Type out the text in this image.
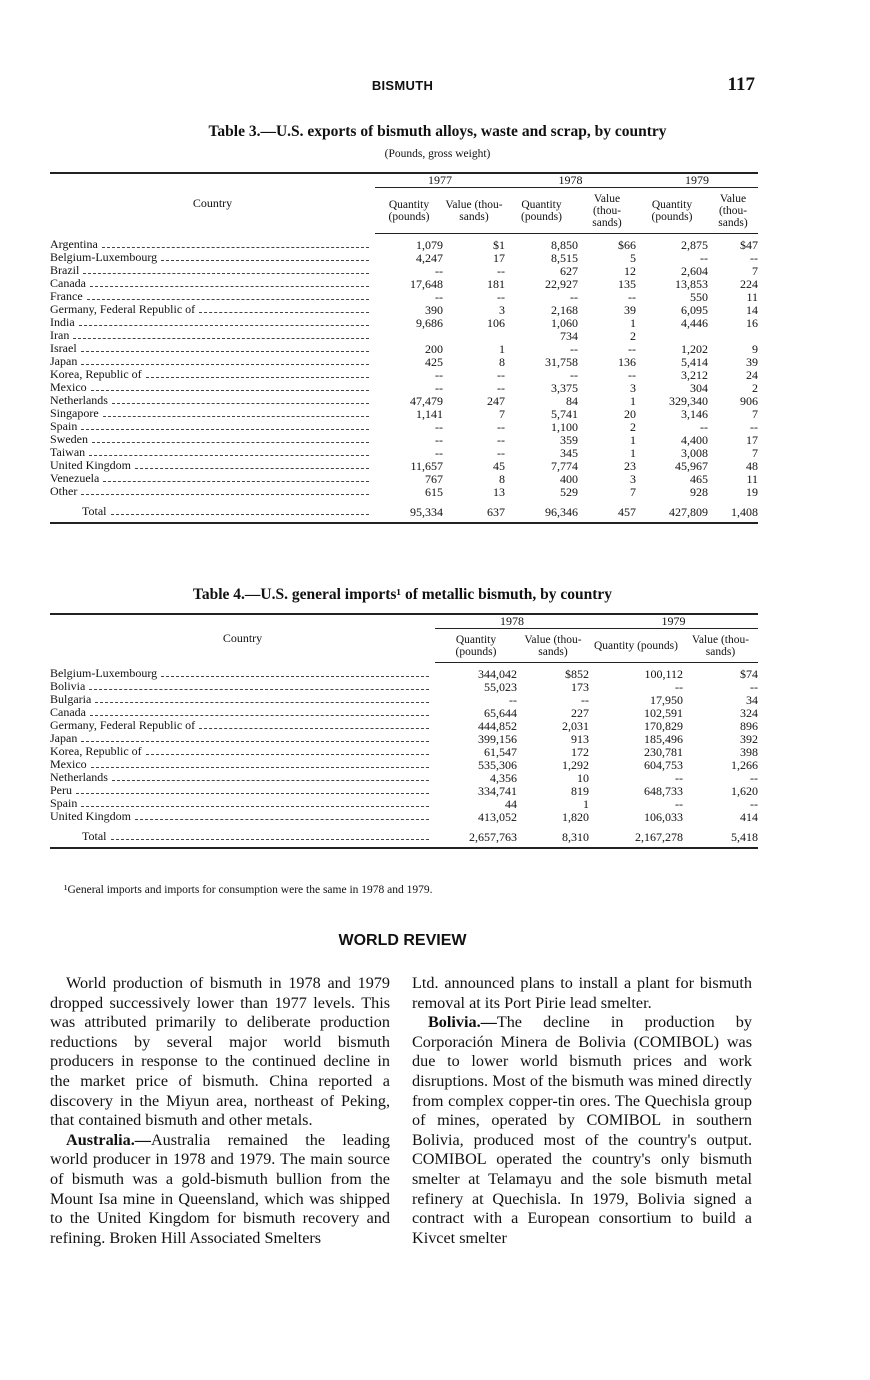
BISMUTH	117
Table 3.—U.S. exports of bismuth alloys, waste and scrap, by country
(Pounds, gross weight)
Country	1977		1978		1979	

	Quantity (pounds)	Value (thou- sands)	Quantity (pounds)	Value (thou- sands)	Quantity (pounds)	Value (thou- sands)

Argentina	1,079	$1	8,850	$66	2,875	$47

Belgium-Luxembourg	4,247	17	8,515	5	--	--

Brazil	--	--	627	12	2,604	7

Canada	17,648	181	22,927	135	13,853	224

France	--	--	--	--	550	11

Germany, Federal Republic of	390	3	2,168	39	6,095	14

India	9,686	106	1,060	1	4,446	16

Iran			734	2		

Israel	200	1	--	--	1,202	9

Japan	425	8	31,758	136	5,414	39

Korea, Republic of	--	--	--	--	3,212	24

Mexico	--	--	3,375	3	304	2

Netherlands	47,479	247	84	1	329,340	906

Singapore	1,141	7	5,741	20	3,146	7

Spain	--	--	1,100	2	--	--

Sweden	--	--	359	1	4,400	17

Taiwan	--	--	345	1	3,008	7

United Kingdom	11,657	45	7,774	23	45,967	48

Venezuela	767	8	400	3	465	11

Other	615	13	529	7	928	19

Total	95,334	637	96,346	457	427,809	1,408
Table 4.—U.S. general imports¹ of metallic bismuth, by country
Country	1978		1979	

	Quantity (pounds)	Value (thou- sands)	Quantity (pounds)	Value (thou- sands)

Belgium-Luxembourg	344,042	$852	100,112	$74

Bolivia	55,023	173	--	--

Bulgaria	--	--	17,950	34

Canada	65,644	227	102,591	324

Germany, Federal Republic of	444,852	2,031	170,829	896

Japan	399,156	913	185,496	392

Korea, Republic of	61,547	172	230,781	398

Mexico	535,306	1,292	604,753	1,266

Netherlands	4,356	10	--	--

Peru	334,741	819	648,733	1,620

Spain	44	1	--	--

United Kingdom	413,052	1,820	106,033	414

Total	2,657,763	8,310	2,167,278	5,418
¹General imports and imports for consumption were the same in 1978 and 1979.
WORLD REVIEW

World production of bismuth in 1978 and 1979 dropped successively lower than 1977 levels. This was attributed primarily to deliberate production reductions by several major world bismuth producers in response to the continued decline in the market price of bismuth. China reported a discovery in the Miyun area, northeast of Peking, that contained bismuth and other metals.

Australia.—Australia remained the leading world producer in 1978 and 1979. The main source of bismuth was a gold-bismuth bullion from the Mount Isa mine in Queensland, which was shipped to the United Kingdom for bismuth recovery and refining. Broken Hill Associated Smelters

Ltd. announced plans to install a plant for bismuth removal at its Port Pirie lead smelter.

Bolivia.—The decline in production by Corporación Minera de Bolivia (COMIBOL) was due to lower world bismuth prices and work disruptions. Most of the bismuth was mined directly from complex copper-tin ores. The Quechisla group of mines, operated by COMIBOL in southern Bolivia, produced most of the country's output. COMIBOL operated the country's only bismuth smelter at Telamayu and the sole bismuth metal refinery at Quechisla. In 1979, Bolivia signed a contract with a European consortium to build a Kivcet smelter
